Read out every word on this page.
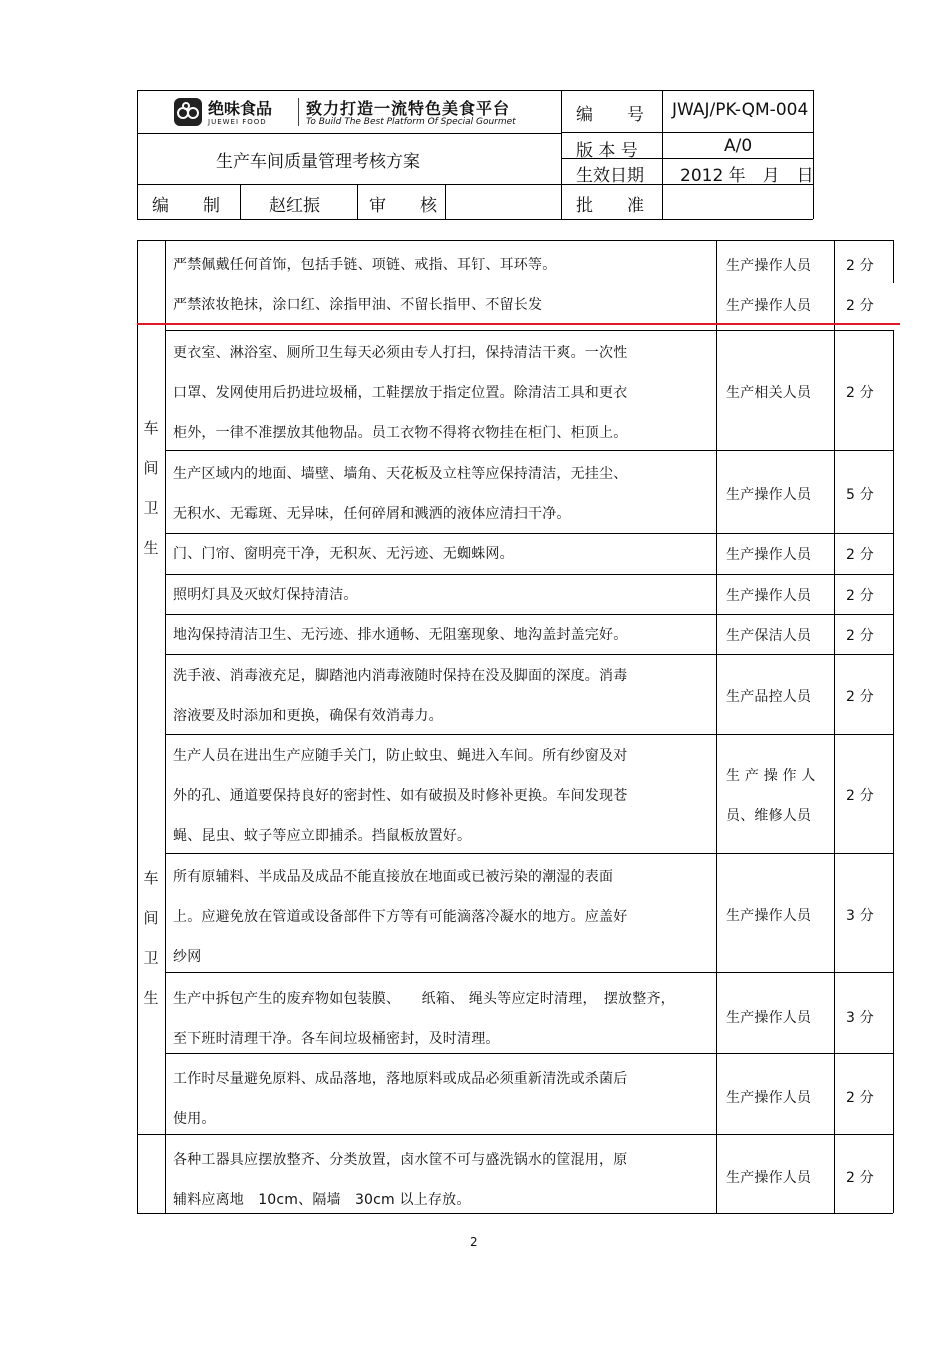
绝味食品
JUEWEI FOOD
致力打造一流特色美食平台
To Build The Best Platform Of Special Gourmet
生产车间质量管理考核方案
编　　号 JWAJ/PK-QM-004
版 本 号	A/0
生效日期 2012 年　月　日
编　　制	赵红振	审　　核	批　　准
车间卫生
车间卫生
2
严禁佩戴任何首饰，包括手链、项链、戒指、耳钉、耳环等。	生产操作人员 2 分
严禁浓妆艳抹，涂口红、涂指甲油、不留长指甲、不留长发	生产操作人员 2 分
更衣室、淋浴室、厕所卫生每天必须由专人打扫，保持清洁干爽。一次性
口罩、发网使用后扔进垃圾桶，工鞋摆放于指定位置。除清洁工具和更衣
柜外，一律不准摆放其他物品。员工衣物不得将衣物挂在柜门、柜顶上。
生产相关人员 2 分
生产区域内的地面、墙壁、墙角、天花板及立柱等应保持清洁，无挂尘、
无积水、无霉斑、无异味，任何碎屑和溅洒的液体应清扫干净。
生产操作人员 5 分
门、门帘、窗明亮干净，无积灰、无污迹、无蜘蛛网。	生产操作人员 2 分
照明灯具及灭蚊灯保持清洁。	生产操作人员 2 分
地沟保持清洁卫生、无污迹、排水通畅、无阻塞现象、地沟盖封盖完好。	生产保洁人员 2 分
洗手液、消毒液充足，脚踏池内消毒液随时保持在没及脚面的深度。消毒
溶液要及时添加和更换，确保有效消毒力。
生产品控人员 2 分
生产人员在进出生产应随手关门，防止蚊虫、蝇进入车间。所有纱窗及对
外的孔、通道要保持良好的密封性、如有破损及时修补更换。车间发现苍
蝇、昆虫、蚊子等应立即捕杀。挡鼠板放置好。
生 产 操 作 人
员、维修人员
2 分
所有原辅料、半成品及成品不能直接放在地面或已被污染的潮湿的表面
上。应避免放在管道或设备部件下方等有可能滴落冷凝水的地方。应盖好
纱网
生产操作人员 3 分
生产中拆包产生的废弃物如包装膜、　　纸箱、 绳头等应定时清理，　摆放整齐，
至下班时清理干净。各车间垃圾桶密封，及时清理。
生产操作人员 3 分
工作时尽量避免原料、成品落地，落地原料或成品必须重新清洗或杀菌后
使用。
生产操作人员 2 分
各种工器具应摆放整齐、分类放置，卤水筐不可与盛洗锅水的筐混用，原
辅料应离地　10cm、隔墙　30cm 以上存放。
生产操作人员 2 分
